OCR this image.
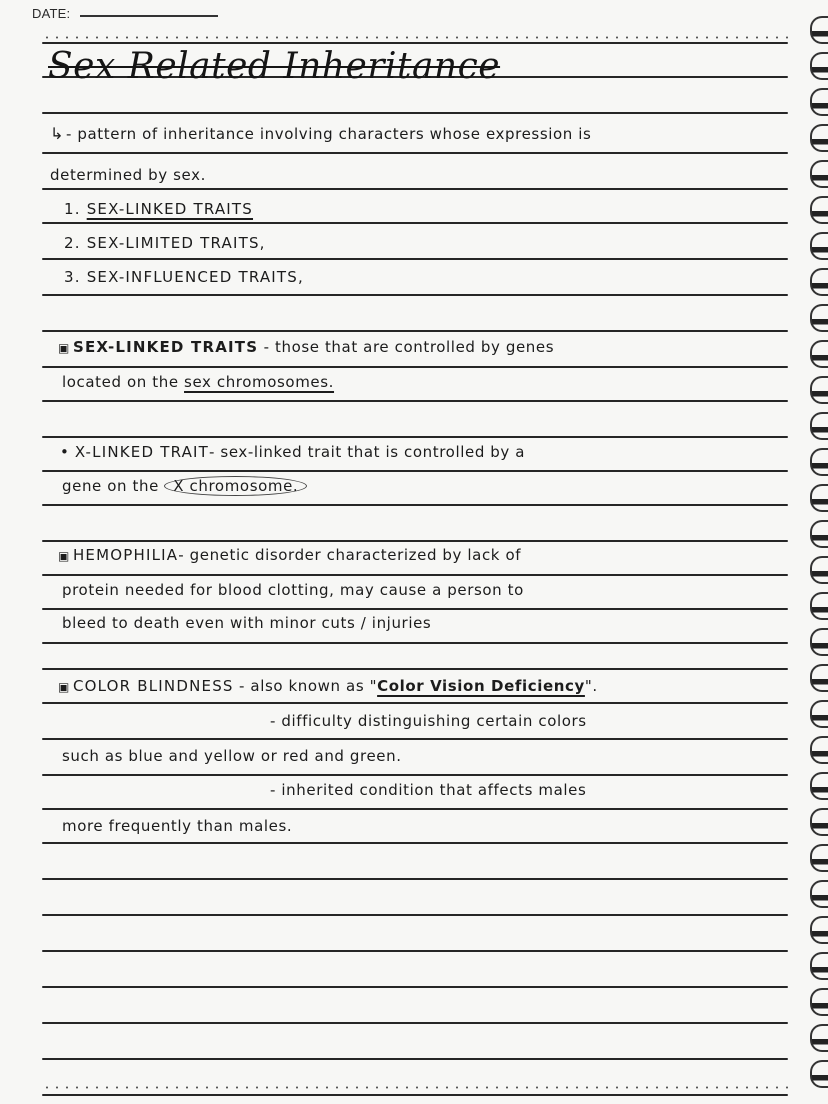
DATE:
Sex Related Inheritance
↳ - pattern of inheritance involving characters whose expression is
determined by sex.
1. SEX-LINKED TRAITS
2. SEX-LIMITED TRAITS,
3. SEX-INFLUENCED TRAITS,
▣ SEX-LINKED TRAITS - those that are controlled by genes
located on the sex chromosomes.
• X-LINKED TRAIT- sex-linked trait that is controlled by a
gene on the X chromosome.
▣ HEMOPHILIA- genetic disorder characterized by lack of
protein needed for blood clotting, may cause a person to
bleed to death even with minor cuts / injuries
▣ COLOR BLINDNESS - also known as "Color Vision Deficiency".
- difficulty distinguishing certain colors
such as blue and yellow or red and green.
- inherited condition that affects males
more frequently than males.
